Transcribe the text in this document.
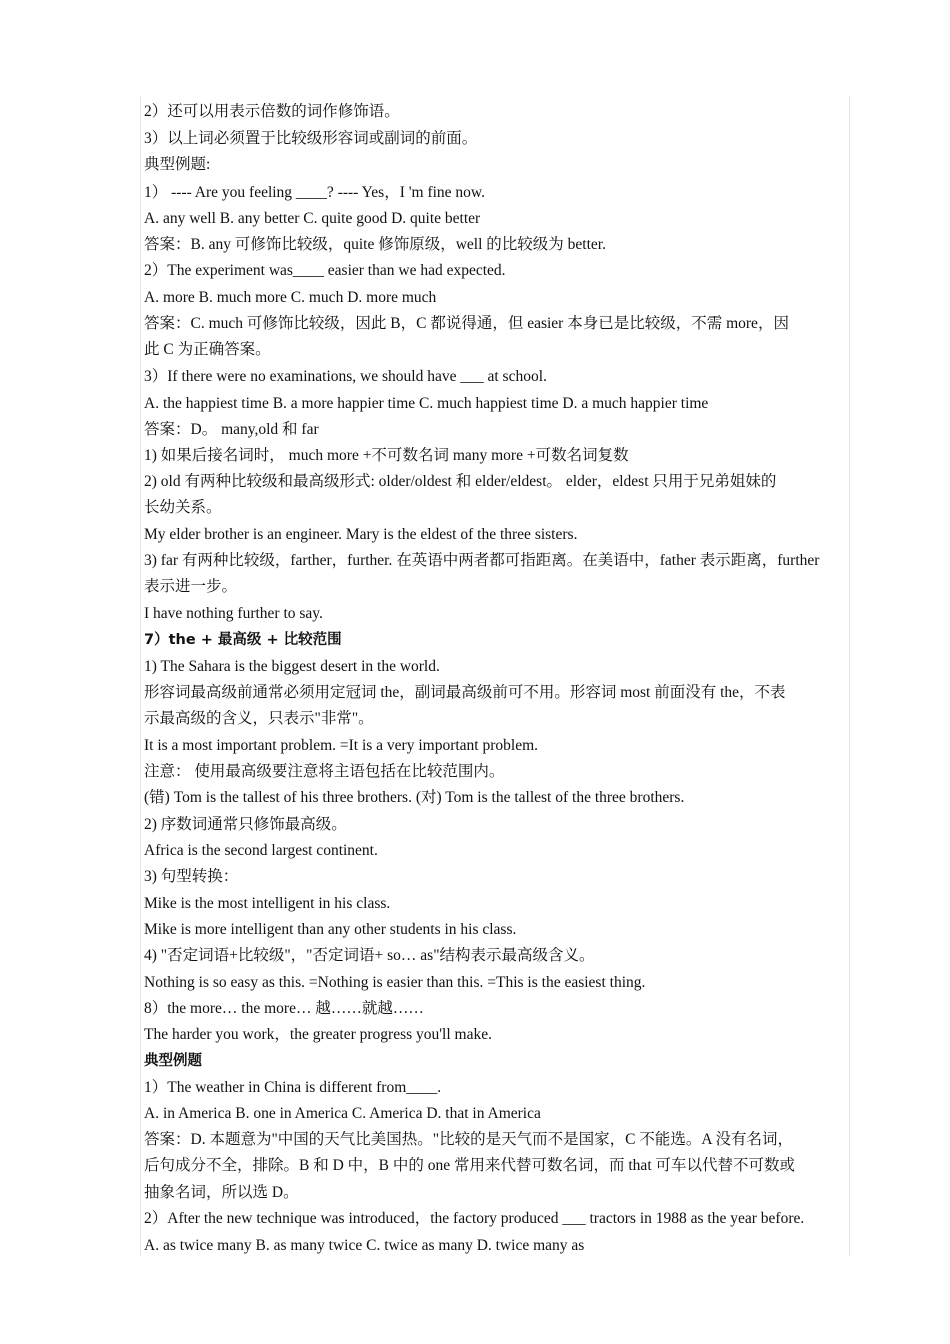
2）还可以用表示倍数的词作修饰语。
3）以上词必须置于比较级形容词或副词的前面。
典型例题:
1） ---- Are you feeling ____? ---- Yes，I 'm fine now.
A. any well B. any better C. quite good D. quite better
答案：B. any 可修饰比较级，quite 修饰原级，well 的比较级为 better.
2）The experiment was____ easier than we had expected.
A. more B. much more C. much D. more much
答案：C. much 可修饰比较级，因此 B，C 都说得通，但 easier 本身已是比较级，不需 more，因
此 C 为正确答案。
3）If there were no examinations, we should have ___ at school.
A. the happiest time B. a more happier time C. much happiest time D. a much happier time
答案：D。 many,old 和 far
1) 如果后接名词时， much more +不可数名词 many more +可数名词复数
2) old 有两种比较级和最高级形式: older/oldest 和 elder/eldest。 elder，eldest 只用于兄弟姐妹的
长幼关系。
My elder brother is an engineer. Mary is the eldest of the three sisters.
3) far 有两种比较级，farther，further. 在英语中两者都可指距离。在美语中，father 表示距离，further
表示进一步。
I have nothing further to say.
7）the + 最高级 + 比较范围
1) The Sahara is the biggest desert in the world.
形容词最高级前通常必须用定冠词 the，副词最高级前可不用。形容词 most 前面没有 the，不表
示最高级的含义，只表示"非常"。
It is a most important problem. =It is a very important problem.
注意： 使用最高级要注意将主语包括在比较范围内。
(错) Tom is the tallest of his three brothers. (对) Tom is the tallest of the three brothers.
2) 序数词通常只修饰最高级。
Africa is the second largest continent.
3) 句型转换：
Mike is the most intelligent in his class.
Mike is more intelligent than any other students in his class.
4) "否定词语+比较级"，"否定词语+ so… as"结构表示最高级含义。
Nothing is so easy as this. =Nothing is easier than this. =This is the easiest thing.
8）the more… the more… 越……就越……
The harder you work，the greater progress you'll make.
典型例题
1）The weather in China is different from____.
A. in America B. one in America C. America D. that in America
答案：D. 本题意为"中国的天气比美国热。"比较的是天气而不是国家，C 不能选。A 没有名词，
后句成分不全，排除。B 和 D 中，B 中的 one 常用来代替可数名词，而 that 可车以代替不可数或
抽象名词，所以选 D。
2）After the new technique was introduced，the factory produced ___ tractors in 1988 as the year before.
A. as twice many B. as many twice C. twice as many D. twice many as
